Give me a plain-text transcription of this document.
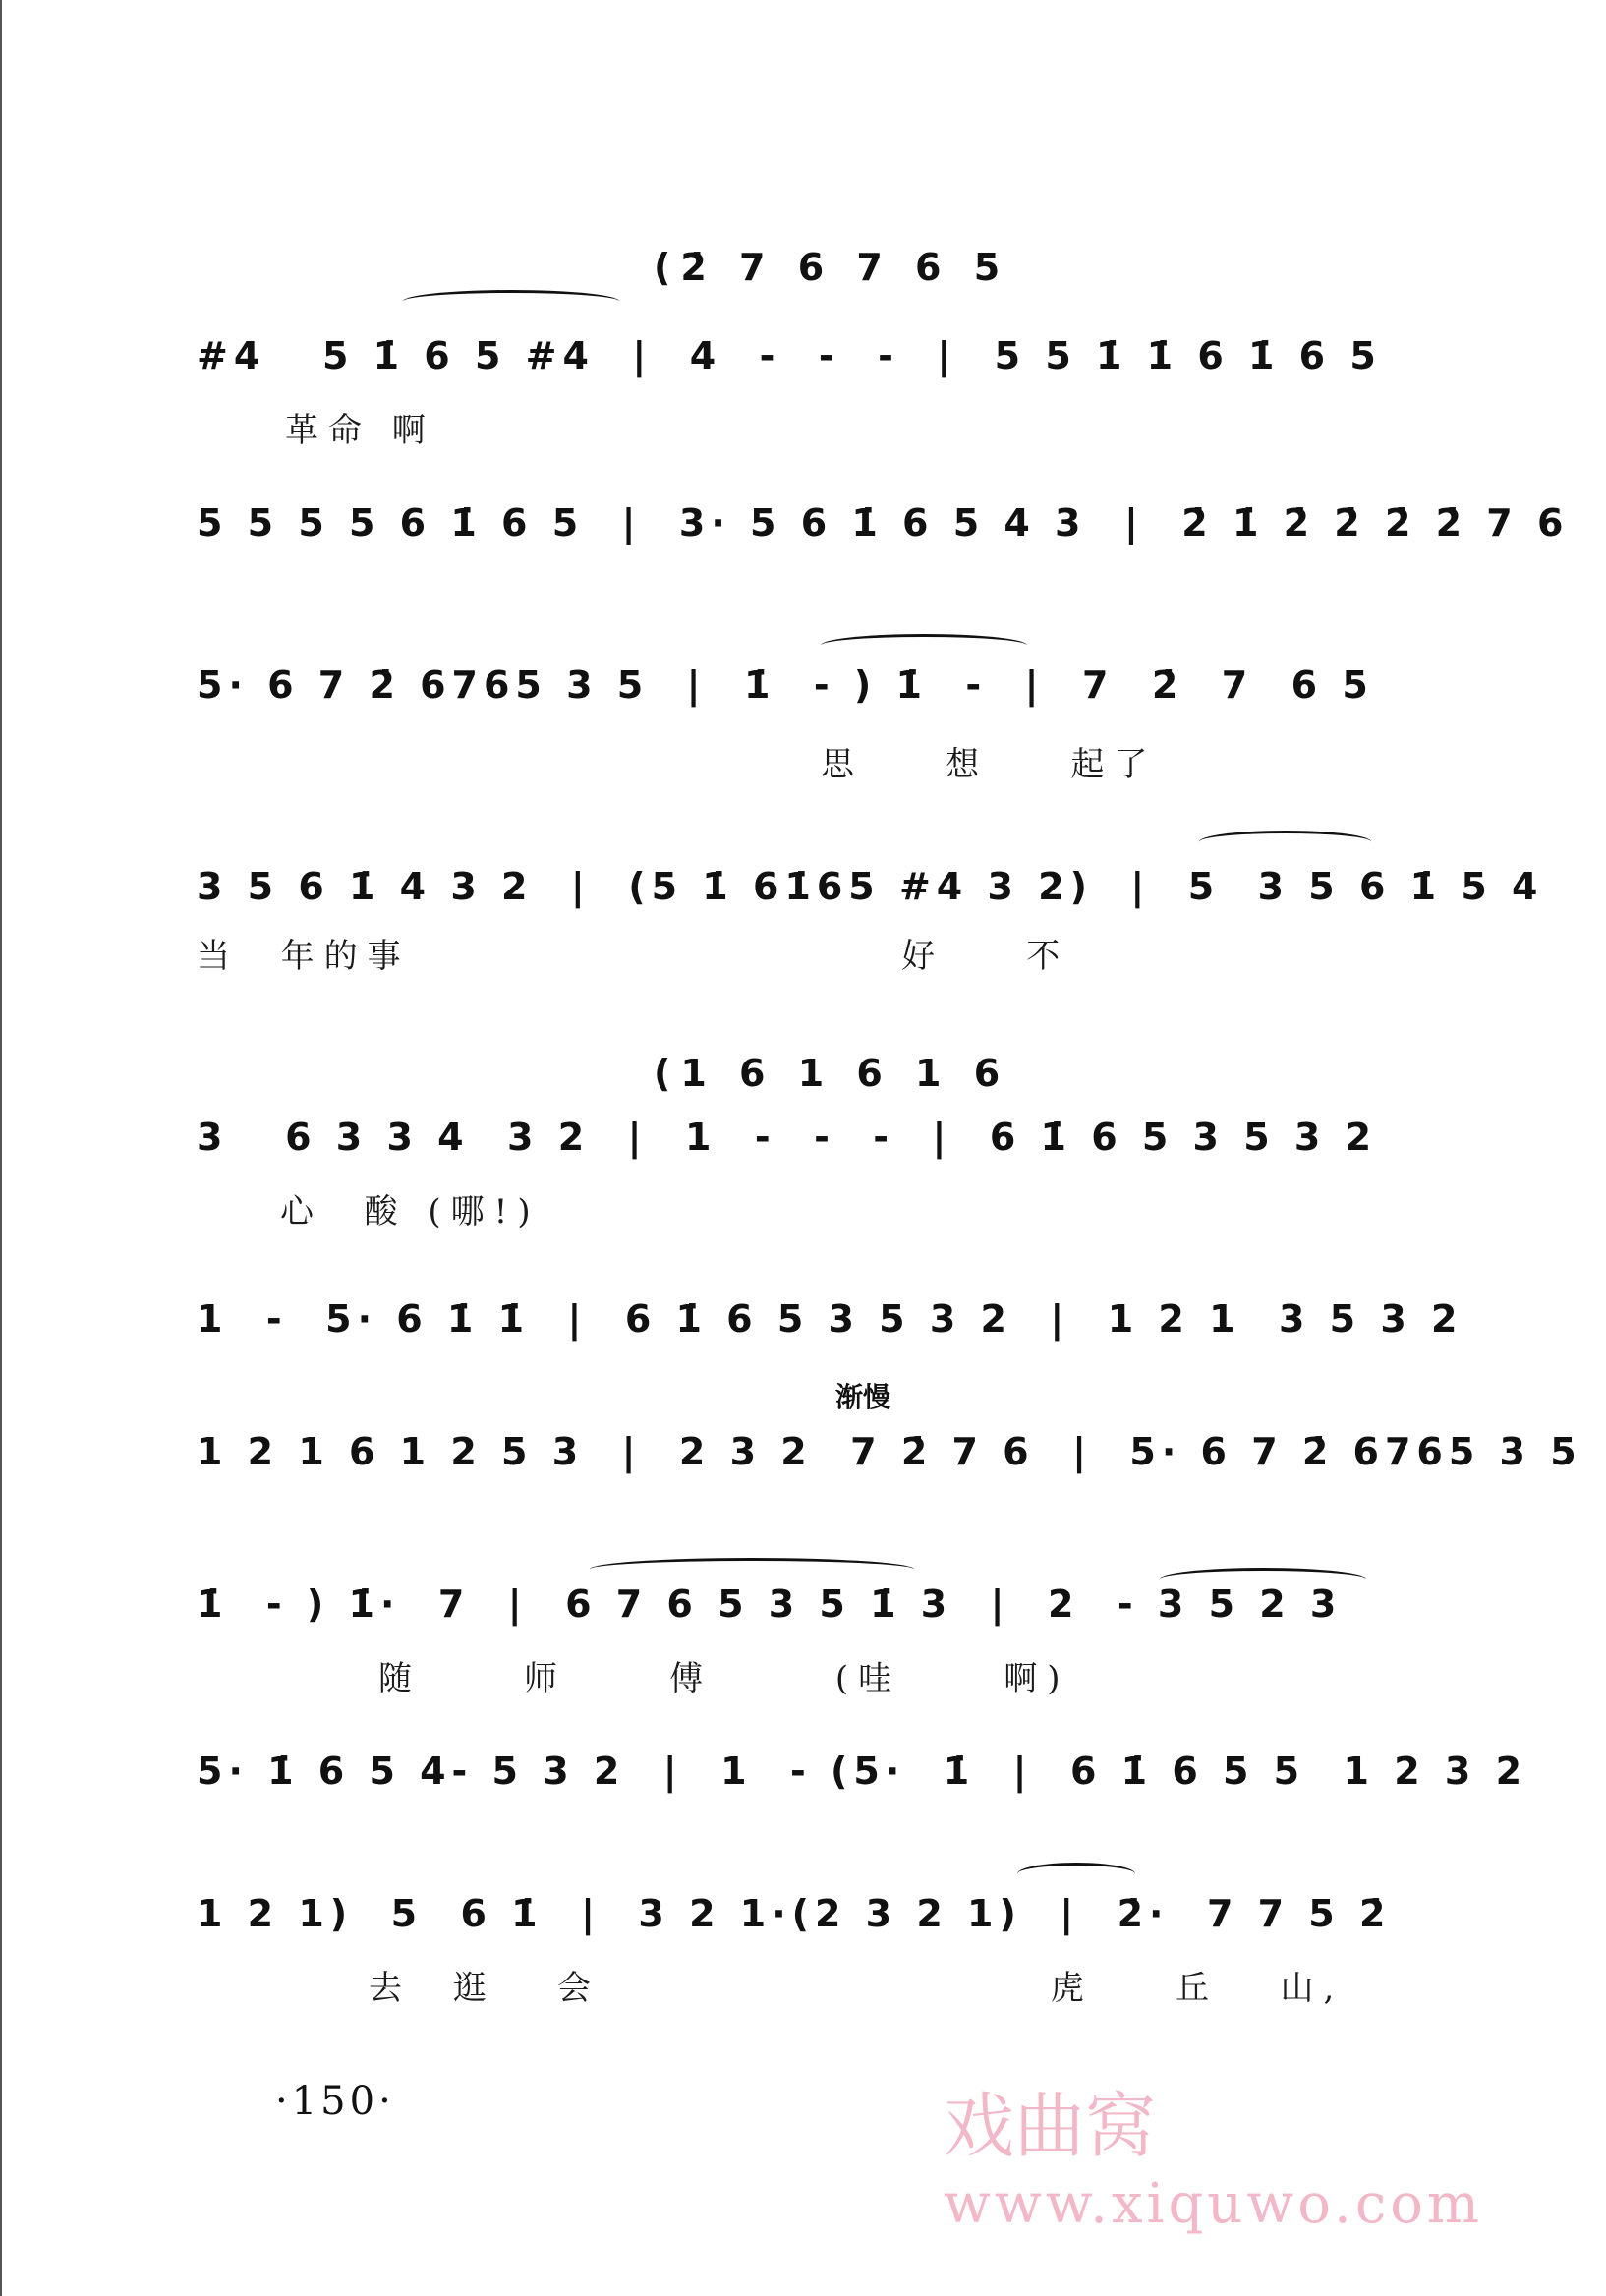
(2̇ 7 6 7 6 5
#4   5 1̇ 6 5 #4  |  4  -  -  -  |  5 5 1̇ 1̇ 6 1̇ 6 5
革命 啊
5 5 5 5 6 1̇ 6 5  |  3· 5 6 1̇ 6 5 4 3  |  2̇ 1̇ 2̇ 2̇ 2̇ 2̇ 7 6
5· 6 7 2̇ 6765 3 5  |  1̇  - ) 1̇  -  |  7  2̇  7  6 5
思    想    起了
3 5 6 1̇ 4 3 2  |  (5 1̇ 61̇65 #4 3 2)  |  5  3 5 6 1̇ 5 4
当  年的事                        好    不
(1 6 1 6 1 6
3   6 3 3 4  3 2  |  1  -  -  -  |  6 1̇ 6 5 3 5 3 2
心  酸 (哪!)
1  -  5· 6 1̇ 1̇  |  6 1̇ 6 5 3 5 3 2  |  1 2 1  3 5 3 2
渐慢
1 2 1 6 1 2 5 3  |  2 3 2  7 2̇ 7 6  |  5· 6 7 2̇ 6765 3 5
1̇  - ) 1̇·  7  |  6 7 6 5 3 5 1̇ 3  |  2  - 3 5 2 3
随     师     傅      (哇     啊)
5· 1̇ 6 5 4- 5 3 2  |  1  - (5·  1̇  |  6 1̇ 6 5 5  1 2 3 2
1 2 1)  5  6 1̇  |  3 2 1·(2 3 2 1)  |  2̇·  7 7 5 2̇
去  逛   会                      虎    丘   山,
·150·	戏曲窝
www.xiquwo.com
